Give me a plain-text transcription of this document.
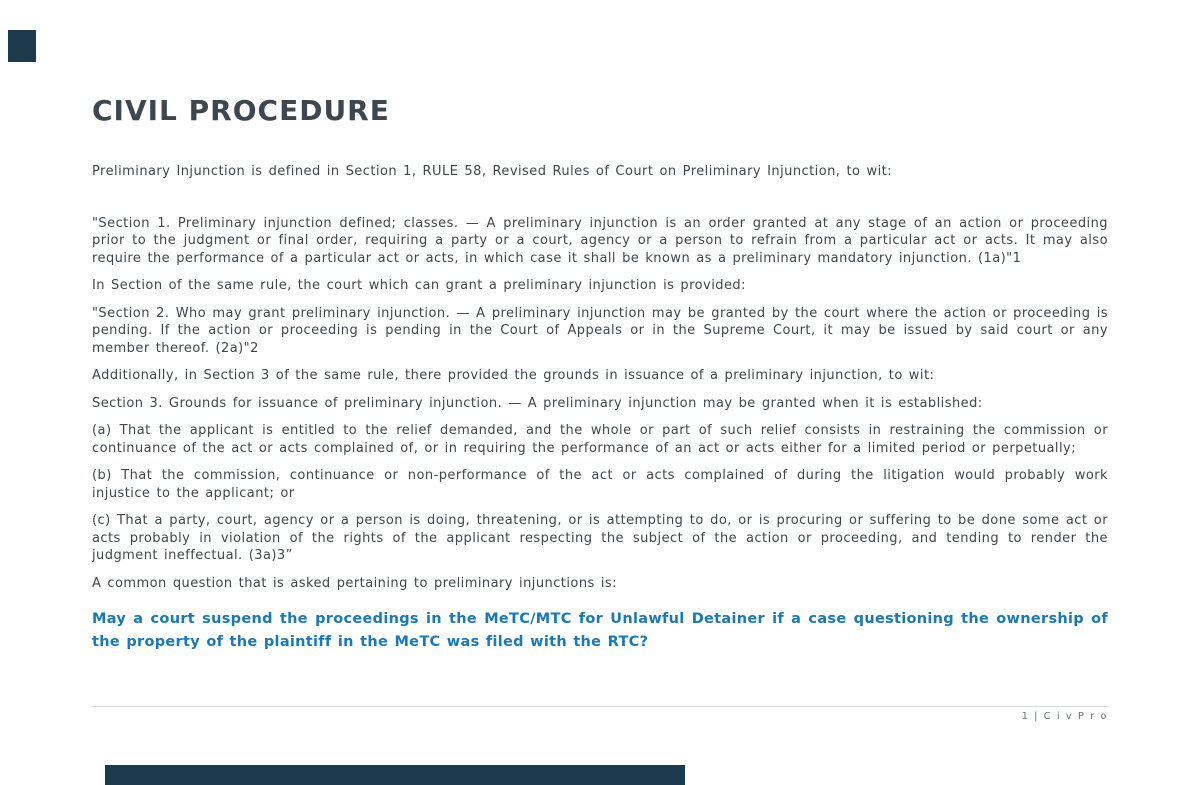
CIVIL PROCEDURE

Preliminary Injunction is defined in Section 1, RULE 58, Revised Rules of Court on Preliminary Injunction, to wit:

"Section 1. Preliminary injunction defined; classes. — A preliminary injunction is an order granted at any stage of an action or proceeding prior to the judgment or final order, requiring a party or a court, agency or a person to refrain from a particular act or acts. It may also require the performance of a particular act or acts, in which case it shall be known as a preliminary mandatory injunction. (1a)"1

In Section of the same rule, the court which can grant a preliminary injunction is provided:

"Section 2. Who may grant preliminary injunction. — A preliminary injunction may be granted by the court where the action or proceeding is pending. If the action or proceeding is pending in the Court of Appeals or in the Supreme Court, it may be issued by said court or any member thereof. (2a)"2

Additionally, in Section 3 of the same rule, there provided the grounds in issuance of a preliminary injunction, to wit:

Section 3. Grounds for issuance of preliminary injunction. — A preliminary injunction may be granted when it is established:

(a) That the applicant is entitled to the relief demanded, and the whole or part of such relief consists in restraining the commission or continuance of the act or acts complained of, or in requiring the performance of an act or acts either for a limited period or perpetually;

(b) That the commission, continuance or non-performance of the act or acts complained of during the litigation would probably work injustice to the applicant; or

(c) That a party, court, agency or a person is doing, threatening, or is attempting to do, or is procuring or suffering to be done some act or acts probably in violation of the rights of the applicant respecting the subject of the action or proceeding, and tending to render the judgment ineffectual. (3a)3”

A common question that is asked pertaining to preliminary injunctions is:

May a court suspend the proceedings in the MeTC/MTC for Unlawful Detainer if a case questioning the ownership of the property of the plaintiff in the MeTC was filed with the RTC?

1 | C i v P r o
